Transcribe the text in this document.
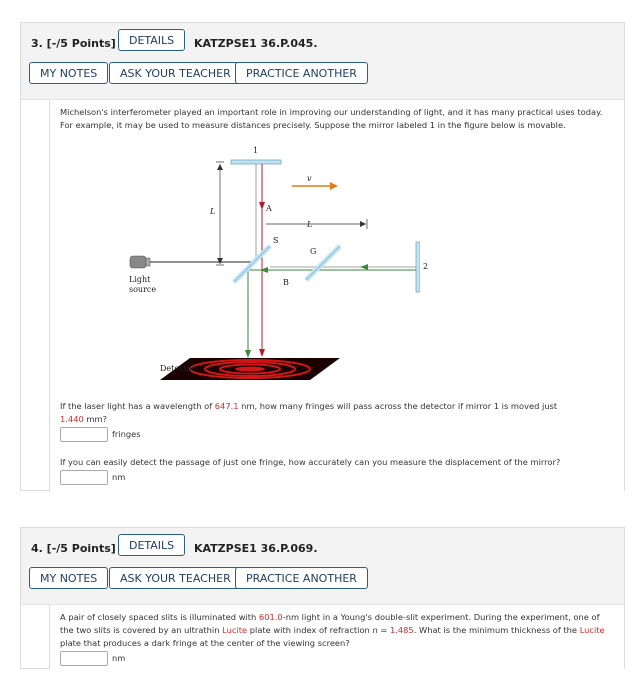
3. [-/5 Points]	DETAILS	KATZPSE1 36.P.045.
MY NOTES	ASK YOUR TEACHER	PRACTICE ANOTHER
Michelson's interferometer played an important role in improving our understanding of light, and it has many practical uses today. For example, it may be used to measure distances precisely. Suppose the mirror labeled 1 in the figure below is movable.
1
2
L
L
v
A
S
G
B
Light
source
Detector
If the laser light has a wavelength of 647.1 nm, how many fringes will pass across the detector if mirror 1 is moved just
1.440 mm?
fringes
If you can easily detect the passage of just one fringe, how accurately can you measure the displacement of the mirror?
nm
4. [-/5 Points]	DETAILS	KATZPSE1 36.P.069.
MY NOTES	ASK YOUR TEACHER	PRACTICE ANOTHER
A pair of closely spaced slits is illuminated with 601.0-nm light in a Young's double-slit experiment. During the experiment, one of the two slits is covered by an ultrathin Lucite plate with index of refraction n = 1.485. What is the minimum thickness of the Lucite plate that produces a dark fringe at the center of the viewing screen?
nm
